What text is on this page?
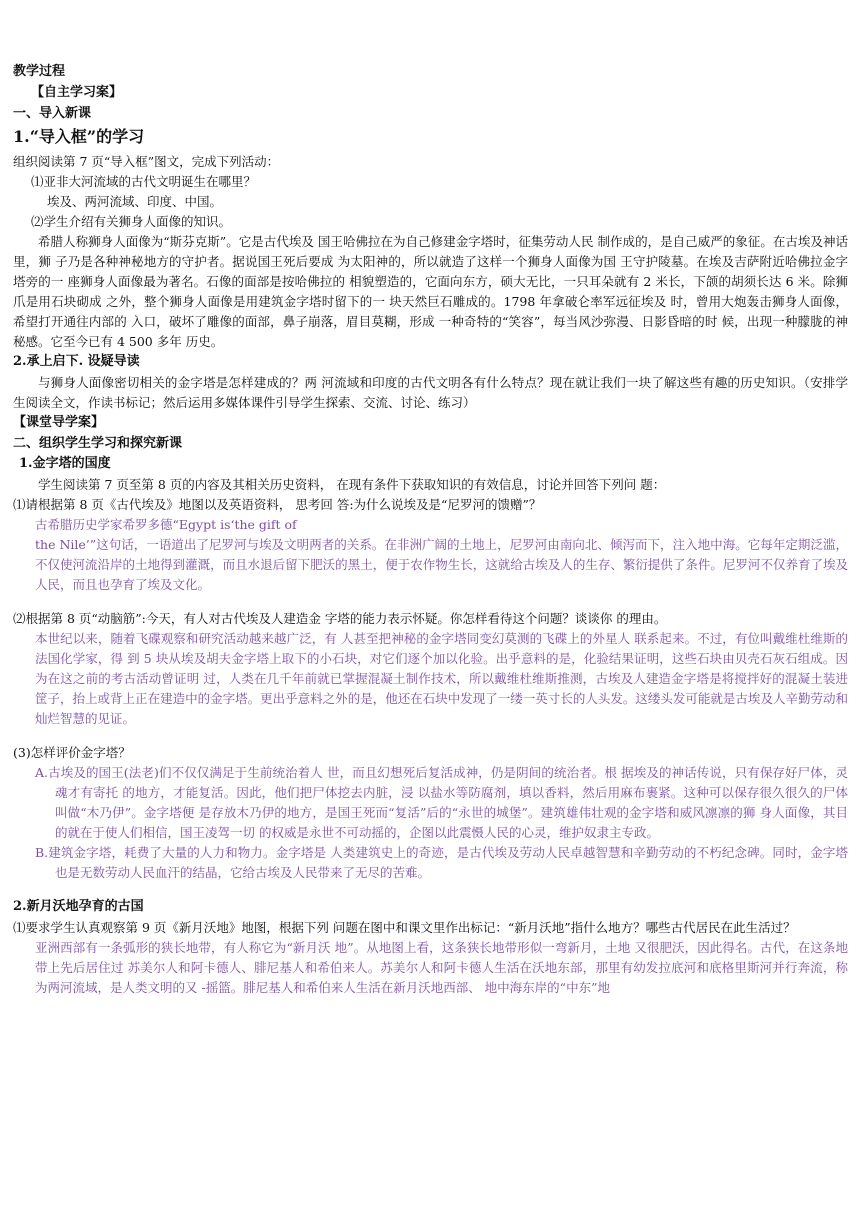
教学过程
【自主学习案】
一、导入新课
1.“导入框”的学习
组织阅读第 7 页“导入框”图文，完成下列活动：
⑴亚非大河流域的古代文明诞生在哪里？
埃及、两河流域、印度、中国。
⑵学生介绍有关狮身人面像的知识。
希腊人称狮身人面像为“斯芬克斯”。它是古代埃及 国王哈佛拉在为自己修建金字塔时，征集劳动人民 制作成的，是自己威严的象征。在古埃及神话里，狮 子乃是各种神秘地方的守护者。据说国王死后要成 为太阳神的，所以就造了这样一个狮身人面像为国 王守护陵墓。在埃及吉萨附近哈佛拉金字塔旁的一 座狮身人面像最为著名。石像的面部是按哈佛拉的 相貌塑造的，它面向东方，硕大无比，一只耳朵就有 2 米长，下颌的胡须长达 6 米。除狮爪是用石块砌成 之外，整个狮身人面像是用建筑金字塔时留下的一 块天然巨石雕成的。1798 年拿破仑率军远征埃及 时，曾用大炮轰击狮身人面像，希望打开通往内部的 入口，破坏了雕像的面部，鼻子崩落，眉目莫糊，形成 一种奇特的“笑容”，每当风沙弥漫、日影昏暗的时 候，出现一种朦胧的神秘感。它至今已有 4 500 多年 历史。
2.承上启下. 设疑导读
与狮身人面像密切相关的金字塔是怎样建成的？两 河流域和印度的古代文明各有什么特点？现在就让我们一块了解这些有趣的历史知识。（安排学生阅读全文，作读书标记；然后运用多媒体课件引导学生探索、交流、讨论、练习）
【课堂导学案】
二、组织学生学习和探究新课
1.金字塔的国度
学生阅读第 7 页至第 8 页的内容及其相关历史资料， 在现有条件下获取知识的有效信息，讨论并回答下列问 题：
⑴请根据第 8 页《古代埃及》地图以及英语资料， 思考回 答:为什么说埃及是“尼罗河的馈赠”？
古希腊历史学家希罗多德“Egypt is‘the gift of
the Nile’”这句话，一语道出了尼罗河与埃及文明两者的关系。在非洲广阔的土地上，尼罗河由南向北、倾泻而下，注入地中海。它每年定期泛滥，不仅使河流沿岸的土地得到灌溉，而且水退后留下肥沃的黑土，便于农作物生长，这就给古埃及人的生存、繁衍提供了条件。尼罗河不仅养育了埃及人民，而且也孕育了埃及文化。
⑵根据第 8 页“动脑筋”:今天，有人对古代埃及人建造金 字塔的能力表示怀疑。你怎样看待这个问题？谈谈你 的理由。
本世纪以来，随着飞碟观察和研究活动越来越广泛，有 人甚至把神秘的金字塔同变幻莫测的飞碟上的外星人 联系起来。不过，有位叫戴维杜维斯的法国化学家，得 到 5 块从埃及胡夫金字塔上取下的小石块，对它们逐个加以化验。出乎意料的是，化验结果证明，这些石块由贝壳石灰石组成。因为在这之前的考古活动曾证明 过，人类在几千年前就已掌握混凝土制作技术，所以戴维杜维斯推测，古埃及人建造金字塔是将搅拌好的混凝土装进筐子，抬上或背上正在建造中的金字塔。更出乎意料之外的是，他还在石块中发现了一缕一英寸长的人头发。这缕头发可能就是古埃及人辛勤劳动和灿烂智慧的见证。
(3)怎样评价金字塔？
A.古埃及的国王(法老)们不仅仅满足于生前统治着人 世，而且幻想死后复活成神，仍是阴间的统治者。根 据埃及的神话传说，只有保存好尸体，灵魂才有寄托 的地方，才能复活。因此，他们把尸体挖去内脏，浸 以盐水等防腐剂，填以香料，然后用麻布裹紧。这种可以保存很久很久的尸体叫做“木乃伊”。金字塔便 是存放木乃伊的地方，是国王死而“复活”后的“永世的城堡”。建筑雄伟壮观的金字塔和威风凛凛的狮 身人面像，其目的就在于使人们相信，国王凌驾一切 的权威是永世不可动摇的，企图以此震慑人民的心灵，维护奴隶主专政。
B.建筑金字塔，耗费了大量的人力和物力。金字塔是 人类建筑史上的奇迹，是古代埃及劳动人民卓越智慧和辛勤劳动的不朽纪念碑。同时，金字塔也是无数劳动人民血汗的结晶，它给古埃及人民带来了无尽的苦难。
2.新月沃地孕育的古国
⑴要求学生认真观察第 9 页《新月沃地》地图，根据下列 问题在图中和课文里作出标记：“新月沃地”指什么地方？哪些古代居民在此生活过？
亚洲西部有一条弧形的狭长地带，有人称它为“新月沃 地”。从地图上看，这条狭长地带形似一弯新月，土地 又很肥沃，因此得名。古代，在这条地带上先后居住过 苏美尔人和阿卡德人、腓尼基人和希伯来人。苏美尔人和阿卡德人生活在沃地东部，那里有幼发拉底河和底格里斯河并行奔流，称为两河流域，是人类文明的又 -摇篮。腓尼基人和希伯来人生活在新月沃地西部、 地中海东岸的“中东”地
